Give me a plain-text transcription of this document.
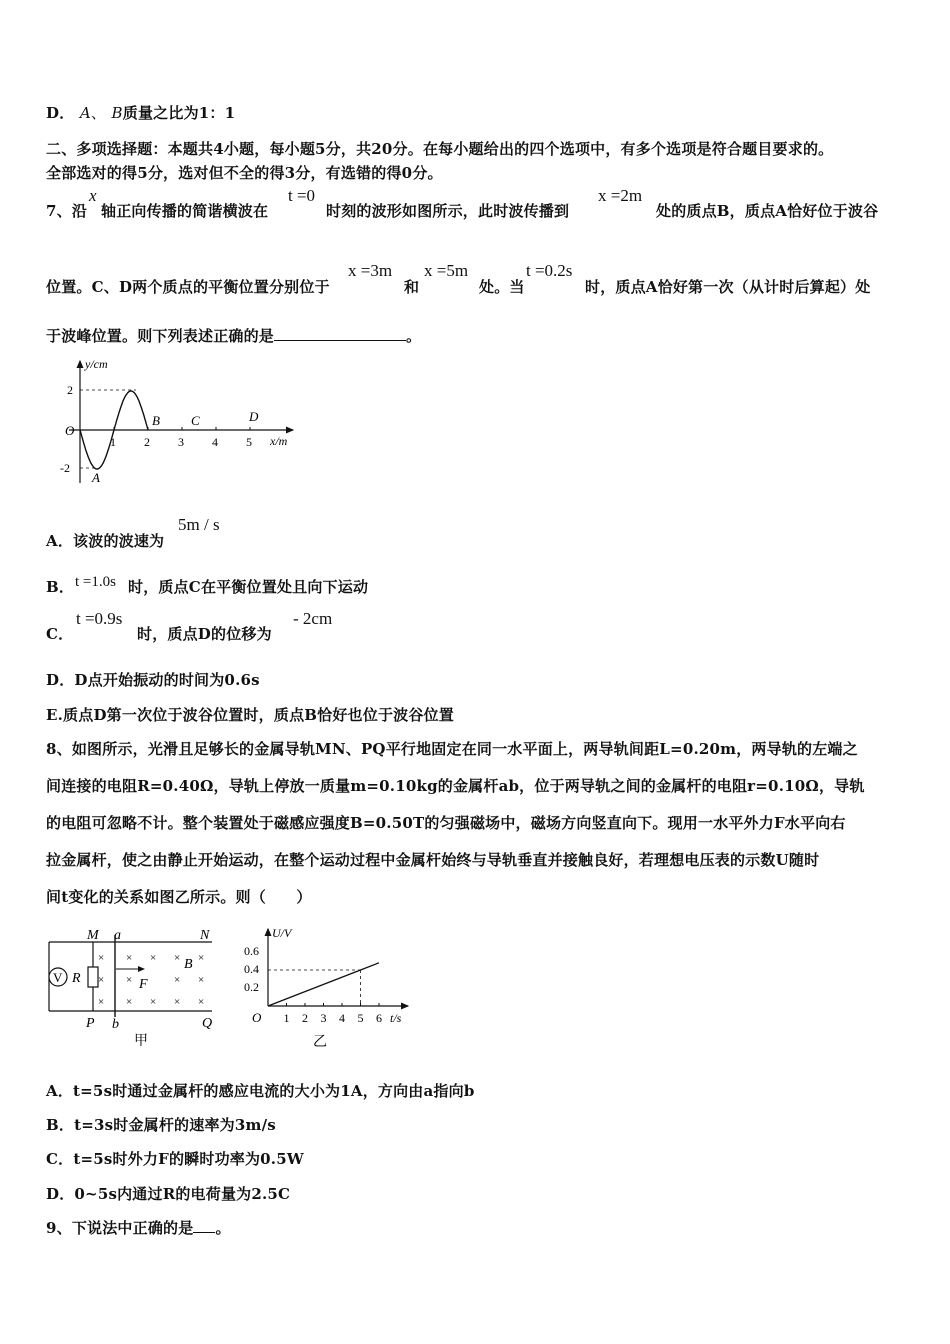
D． A、 B质量之比为1：1
二、多项选择题：本题共4小题，每小题5分，共20分。在每小题给出的四个选项中，有多个选项是符合题目要求的。
全部选对的得5分，选对但不全的得3分，有选错的得0分。
7、沿
x
轴正向传播的简谐横波在
t =0
时刻的波形如图所示，此时波传播到
x =2m
处的质点B，质点A恰好位于波谷
位置。C、D两个质点的平衡位置分别位于
x =3m
和
x =5m
处。当
t =0.2s
时，质点A恰好第一次（从计时后算起）处
于波峰位置。则下列表述正确的是	。
y/cm
O
2
-2
1 2 3 4 5 x/m
B C	D
A
A．该波的波速为
5m / s
B． t =1.0s 时，质点C在平衡位置处且向下运动
C．
t =0.9s
时，质点D的位移为
- 2cm
D．D点开始振动的时间为0.6s
E.质点D第一次位于波谷位置时，质点B恰好也位于波谷位置
8、如图所示，光滑且足够长的金属导轨MN、PQ平行地固定在同一水平面上，两导轨间距L=0.20m，两导轨的左端之
间连接的电阻R=0.40Ω，导轨上停放一质量m=0.10kg的金属杆ab，位于两导轨之间的金属杆的电阻r=0.10Ω，导轨
的电阻可忽略不计。整个装置处于磁感应强度B=0.50T的匀强磁场中，磁场方向竖直向下。现用一水平外力F水平向右
拉金属杆，使之由静止开始运动，在整个运动过程中金属杆始终与导轨垂直并接触良好，若理想电压表的示数U随时
间t变化的关系如图乙所示。则（　　）
V R
× × × ×
×	× ×
× × × ×
×
×
×
M a	N
P b	Q
F
B
甲
U/V
t/s
O
0.6
0.4
0.2
1 2 3 4 5 6
乙
A．t=5s时通过金属杆的感应电流的大小为1A，方向由a指向b
B．t=3s时金属杆的速率为3m/s
C．t=5s时外力F的瞬时功率为0.5W
D．0~5s内通过R的电荷量为2.5C
9、下说法中正确的是 。
